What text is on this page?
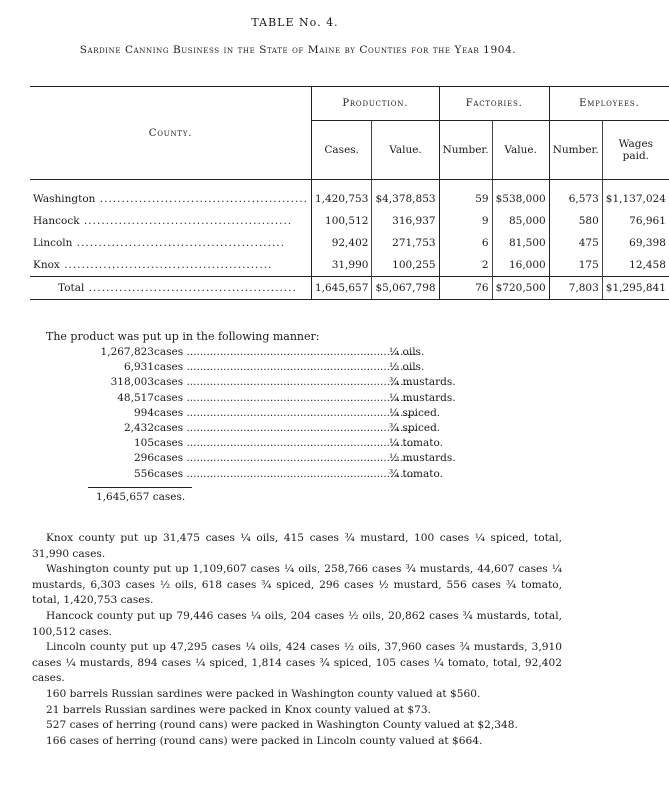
TABLE No. 4.
Sardine Canning Business in the State of Maine by Counties for the Year 1904.
County.	Production.		Factories.		Employees.	
	Cases.	Value.	Number.	Value.	Number.	Wages paid.

Washington .....	1,420,753	$4,378,853	59	$538,000	6,573	$1,137,024
Hancock .....	100,512	316,937	9	85,000	580	76,961
Lincoln .....	92,402	271,753	6	81,500	475	69,398
Knox .....	31,990	100,255	2	16,000	175	12,458
Total .....	1,645,657	$5,067,798	76	$720,500	7,803	$1,295,841
The product was put up in the following manner:
1,267,823 cases .....................................................................	¼ oils.
6,931 cases .....................................................................	½ oils.
318,003 cases .....................................................................	¾ mustards.
48,517 cases .....................................................................	¼ mustards.
994 cases .....................................................................	¼ spiced.
2,432 cases .....................................................................	¾ spiced.
105 cases .....................................................................	¼ tomato.
296 cases .....................................................................	½ mustards.
556 cases .....................................................................	¾ tomato.
1,645,657 cases.

Knox county put up 31,475 cases ¼ oils, 415 cases ¾ mustard, 100 cases ¼ spiced, total, 31,990 cases.

Washington county put up 1,109,607 cases ¼ oils, 258,766 cases ¾ mustards, 44,607 cases ¼ mustards, 6,303 cases ½ oils, 618 cases ¾ spiced, 296 cases ½ mustard, 556 cases ¾ tomato, total, 1,420,753 cases.

Hancock county put up 79,446 cases ¼ oils, 204 cases ½ oils, 20,862 cases ¾ mustards, total, 100,512 cases.

Lincoln county put up 47,295 cases ¼ oils, 424 cases ½ oils, 37,960 cases ¾ mustards, 3,910 cases ¼ mustards, 894 cases ¼ spiced, 1,814 cases ¾ spiced, 105 cases ¼ tomato, total, 92,402 cases.

160 barrels Russian sardines were packed in Washington county valued at $560.

21 barrels Russian sardines were packed in Knox county valued at $73.

527 cases of herring (round cans) were packed in Washington County valued at $2,348.

166 cases of herring (round cans) were packed in Lincoln county valued at $664.
